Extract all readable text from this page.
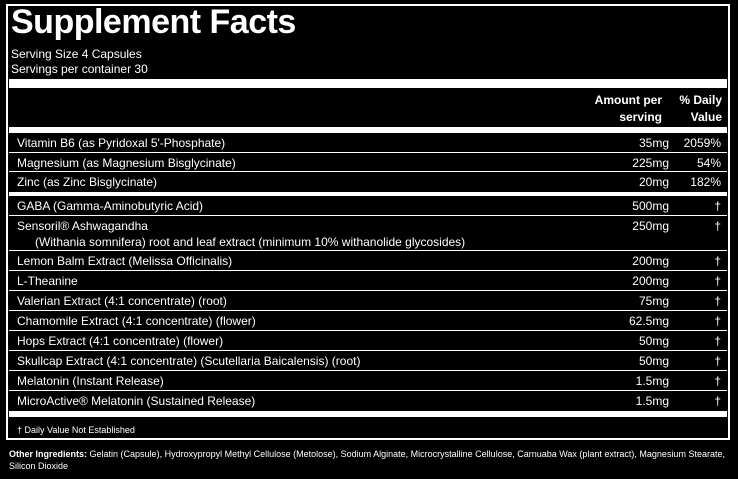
Supplement Facts
Serving Size 4 Capsules
Servings per container 30
Amount per
serving
% Daily
Value
Vitamin B6 (as Pyridoxal 5'-Phosphate)	35mg 2059%
Magnesium (as Magnesium Bisglycinate)	225mg 54%
Zinc (as Zinc Bisglycinate)	20mg 182%
GABA (Gamma-Aminobutyric Acid)	500mg	†
Sensoril® Ashwagandha
(Withania somnifera) root and leaf extract (minimum 10% withanolide glycosides)
250mg	†
Lemon Balm Extract (Melissa Officinalis)	200mg	†
L-Theanine	200mg	†
Valerian Extract (4:1 concentrate) (root)	75mg	†
Chamomile Extract (4:1 concentrate) (flower)	62.5mg	†
Hops Extract (4:1 concentrate) (flower)	50mg	†
Skullcap Extract (4:1 concentrate) (Scutellaria Baicalensis) (root)	50mg	†
Melatonin (Instant Release)	1.5mg	†
MicroActive® Melatonin (Sustained Release)	1.5mg	†
† Daily Value Not Established
Other Ingredients: Gelatin (Capsule), Hydroxypropyl Methyl Cellulose (Metolose), Sodium Alginate, Microcrystalline Cellulose, Carnuaba Wax (plant extract), Magnesium Stearate, Silicon Dioxide
